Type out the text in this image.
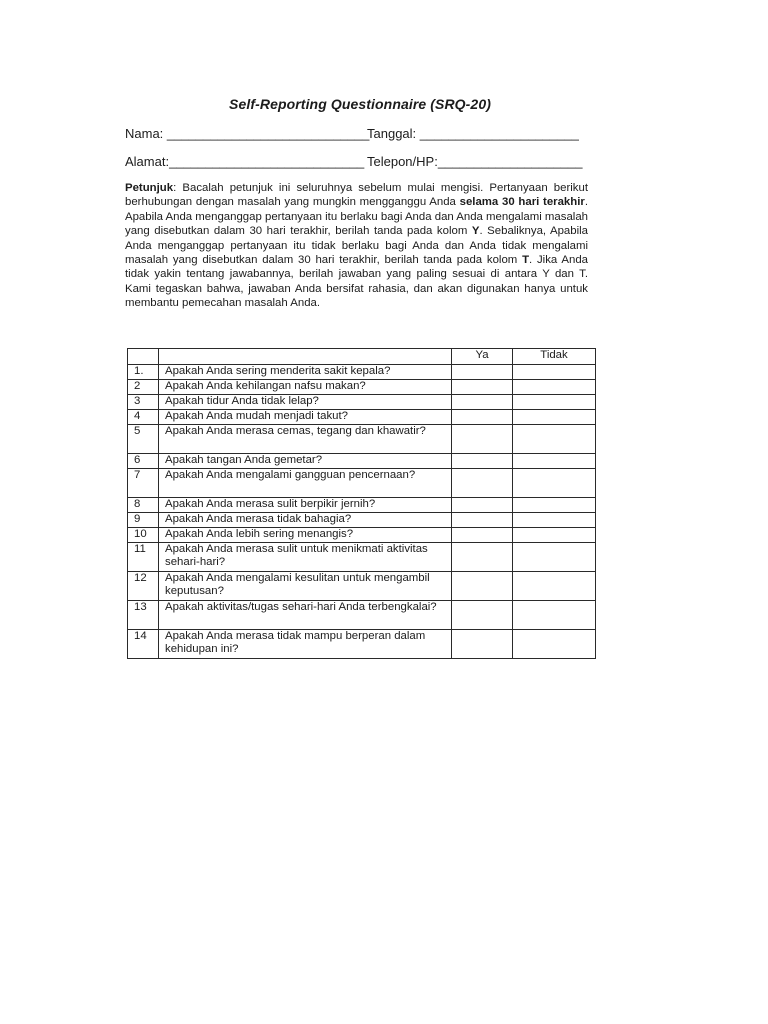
Self-Reporting Questionnaire (SRQ-20)
Nama: ____________________________
Tanggal: ______________________
Alamat:___________________________ Telepon/HP:____________________
Petunjuk: Bacalah petunjuk ini seluruhnya sebelum mulai mengisi. Pertanyaan berikut berhubungan dengan masalah yang mungkin mengganggu Anda selama 30 hari terakhir. Apabila Anda menganggap pertanyaan itu berlaku bagi Anda dan Anda mengalami masalah yang disebutkan dalam 30 hari terakhir, berilah tanda pada kolom Y. Sebaliknya, Apabila Anda menganggap pertanyaan itu tidak berlaku bagi Anda dan Anda tidak mengalami masalah yang disebutkan dalam 30 hari terakhir, berilah tanda pada kolom T. Jika Anda tidak yakin tentang jawabannya, berilah jawaban yang paling sesuai di antara Y dan T. Kami tegaskan bahwa, jawaban Anda bersifat rahasia, dan akan digunakan hanya untuk membantu pemecahan masalah Anda.
		Ya	Tidak
1.	Apakah Anda sering menderita sakit kepala?		
2	Apakah Anda kehilangan nafsu makan?		
3	Apakah tidur Anda tidak lelap?		
4	Apakah Anda mudah menjadi takut?		
5	Apakah Anda merasa cemas, tegang dan khawatir?		
6	Apakah tangan Anda gemetar?		
7	Apakah Anda mengalami gangguan pencernaan?		
8	Apakah Anda merasa sulit berpikir jernih?		
9	Apakah Anda merasa tidak bahagia?		
10	Apakah Anda lebih sering menangis?		
11	Apakah Anda merasa sulit untuk menikmati aktivitas sehari-hari?		
12	Apakah Anda mengalami kesulitan untuk mengambil keputusan?		
13	Apakah aktivitas/tugas sehari-hari Anda terbengkalai?		
14	Apakah Anda merasa tidak mampu berperan dalam kehidupan ini?		
